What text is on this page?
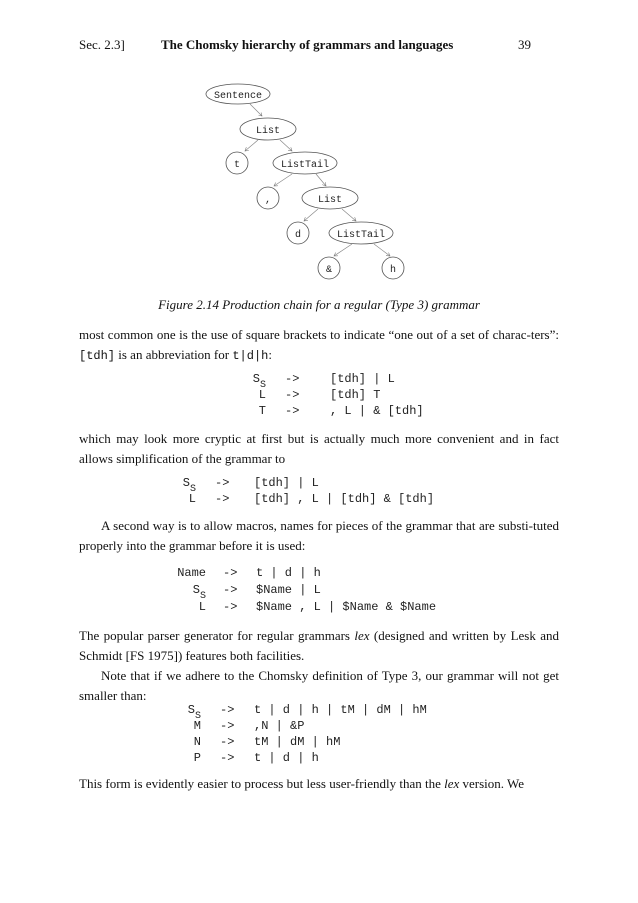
Sec. 2.3]	The Chomsky hierarchy of grammars and languages	39
Sentence
List
t	ListTail
,	List
d	ListTail
&	h
Figure 2.14 Production chain for a regular (Type 3) grammar
most common one is the use of square brackets to indicate “one out of a set of charac-ters”: [tdh] is an abbreviation for t|d|h:
$S_S$ ->	[tdh] | L
L ->	[tdh] T
T ->	, L | & [tdh]
which may look more cryptic at first but is actually much more convenient and in fact allows simplification of the grammar to
$S_S -> [tdh]$ | L
L -> [tdh] , L | [tdh] & [tdh]
A second way is to allow macros, names for pieces of the grammar that are substi-tuted properly into the grammar before it is used:
Name -> t | d | h
$S_S$ -> $Name | L
L -> $Name , L | $Name & $Name
The popular parser generator for regular grammars lex (designed and written by Lesk and Schmidt [FS 1975]) features both facilities.
Note that if we adhere to the Chomsky definition of Type 3, our grammar will not get smaller than:
$S_S -> t$ | d | h | tM | dM | hM
M -> ,N | &P
N -> tM | dM | hM
P -> t | d | h
This form is evidently easier to process but less user-friendly than the lex version. We
